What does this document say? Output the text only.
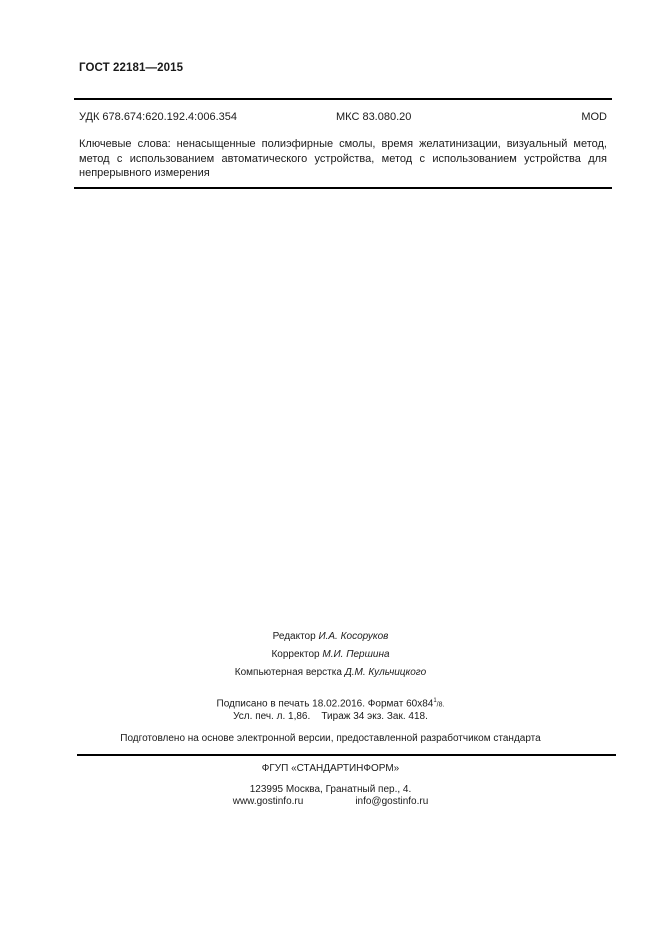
ГОСТ 22181—2015
УДК 678.674:620.192.4:006.354	МКС 83.080.20	MOD
Ключевые слова: ненасыщенные полиэфирные смолы, время желатинизации, визуальный метод, метод с использованием автоматического устройства, метод с использованием устройства для непрерывного измерения
Редактор И.А. Косоруков
Корректор М.И. Першина
Компьютерная верстка Д.М. Кульчицкого
Подписано в печать 18.02.2016. Формат $60х84^1/8$.
Усл. печ. л. 1,86. Тираж 34 экз. Зак. 418.
Подготовлено на основе электронной версии, предоставленной разработчиком стандарта
ФГУП «СТАНДАРТИНФОРМ»
123995 Москва, Гранатный пер., 4.
www.gostinfo.ru	info@gostinfo.ru
